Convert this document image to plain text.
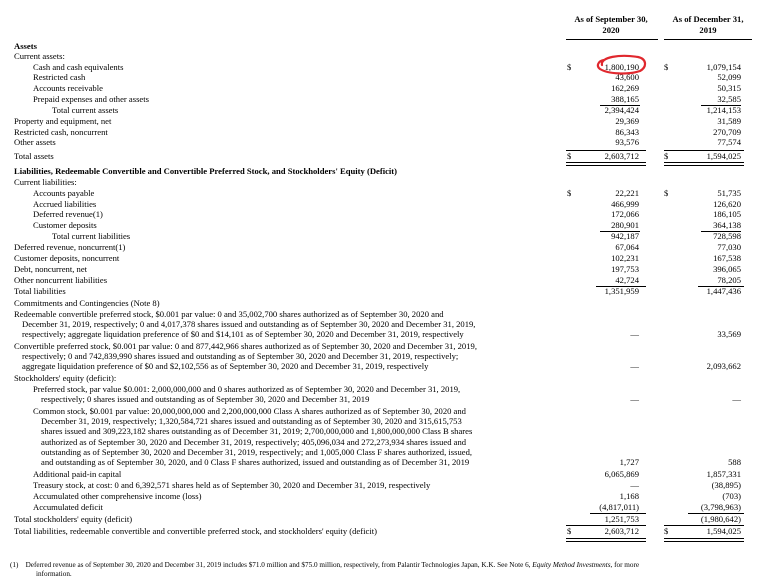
As of September 30,
2020
As of December 31,
2019
Assets
Current assets:
Cash and cash equivalents	$	1,800,190	$	1,079,154
Restricted cash	43,600	52,099
Accounts receivable	162,269	50,315
Prepaid expenses and other assets	388,165	32,585
Total current assets	2,394,424	1,214,153
Property and equipment, net	29,369	31,589
Restricted cash, noncurrent	86,343	270,709
Other assets	93,576	77,574
Total assets	$	2,603,712	$	1,594,025
Liabilities, Redeemable Convertible and Convertible Preferred Stock, and Stockholders' Equity (Deficit)
Current liabilities:
Accounts payable	$	22,221	$	51,735
Accrued liabilities	466,999	126,620
Deferred revenue(1)	172,066	186,105
Customer deposits	280,901	364,138
Total current liabilities	942,187	728,598
Deferred revenue, noncurrent(1)	67,064	77,030
Customer deposits, noncurrent	102,231	167,538
Debt, noncurrent, net	197,753	396,065
Other noncurrent liabilities	42,724	78,205
Total liabilities	1,351,959	1,447,436
Commitments and Contingencies (Note 8)
Redeemable convertible preferred stock, $0.001 par value: 0 and 35,002,700 shares authorized as of September 30, 2020 and
December 31, 2019, respectively; 0 and 4,017,378 shares issued and outstanding as of September 30, 2020 and December 31, 2019,
respectively; aggregate liquidation preference of $0 and $14,101 as of September 30, 2020 and December 31, 2019, respectively	—	33,569
Convertible preferred stock, $0.001 par value: 0 and 877,442,966 shares authorized as of September 30, 2020 and December 31, 2019,
respectively; 0 and 742,839,990 shares issued and outstanding as of September 30, 2020 and December 31, 2019, respectively;
aggregate liquidation preference of $0 and $2,102,556 as of September 30, 2020 and December 31, 2019, respectively	—	2,093,662
Stockholders' equity (deficit):
Preferred stock, par value $0.001: 2,000,000,000 and 0 shares authorized as of September 30, 2020 and December 31, 2019,
respectively; 0 shares issued and outstanding as of September 30, 2020 and December 31, 2019	—	—
Common stock, $0.001 par value: 20,000,000,000 and 2,200,000,000 Class A shares authorized as of September 30, 2020 and
December 31, 2019, respectively; 1,320,584,721 shares issued and outstanding as of September 30, 2020 and 315,615,753
shares issued and 309,223,182 shares outstanding as of December 31, 2019; 2,700,000,000 and 1,800,000,000 Class B shares
authorized as of September 30, 2020 and December 31, 2019, respectively; 405,096,034 and 272,273,934 shares issued and
outstanding as of September 30, 2020 and December 31, 2019, respectively; and 1,005,000 Class F shares authorized, issued,
and outstanding as of September 30, 2020, and 0 Class F shares authorized, issued and outstanding as of December 31, 2019	1,727	588
Additional paid-in capital	6,065,869	1,857,331
Treasury stock, at cost: 0 and 6,392,571 shares held as of September 30, 2020 and December 31, 2019, respectively	—	(38,895)
Accumulated other comprehensive income (loss)	1,168	(703)
Accumulated deficit	(4,817,011)	(3,798,963)
Total stockholders' equity (deficit)	1,251,753	(1,980,642)
Total liabilities, redeemable convertible and convertible preferred stock, and stockholders' equity (deficit)	$	2,603,712	$	1,594,025
(1) Deferred revenue as of September 30, 2020 and December 31, 2019 includes $71.0 million and $75.0 million, respectively, from Palantir Technologies Japan, K.K. See Note 6, Equity Method Investments, for more
information.
